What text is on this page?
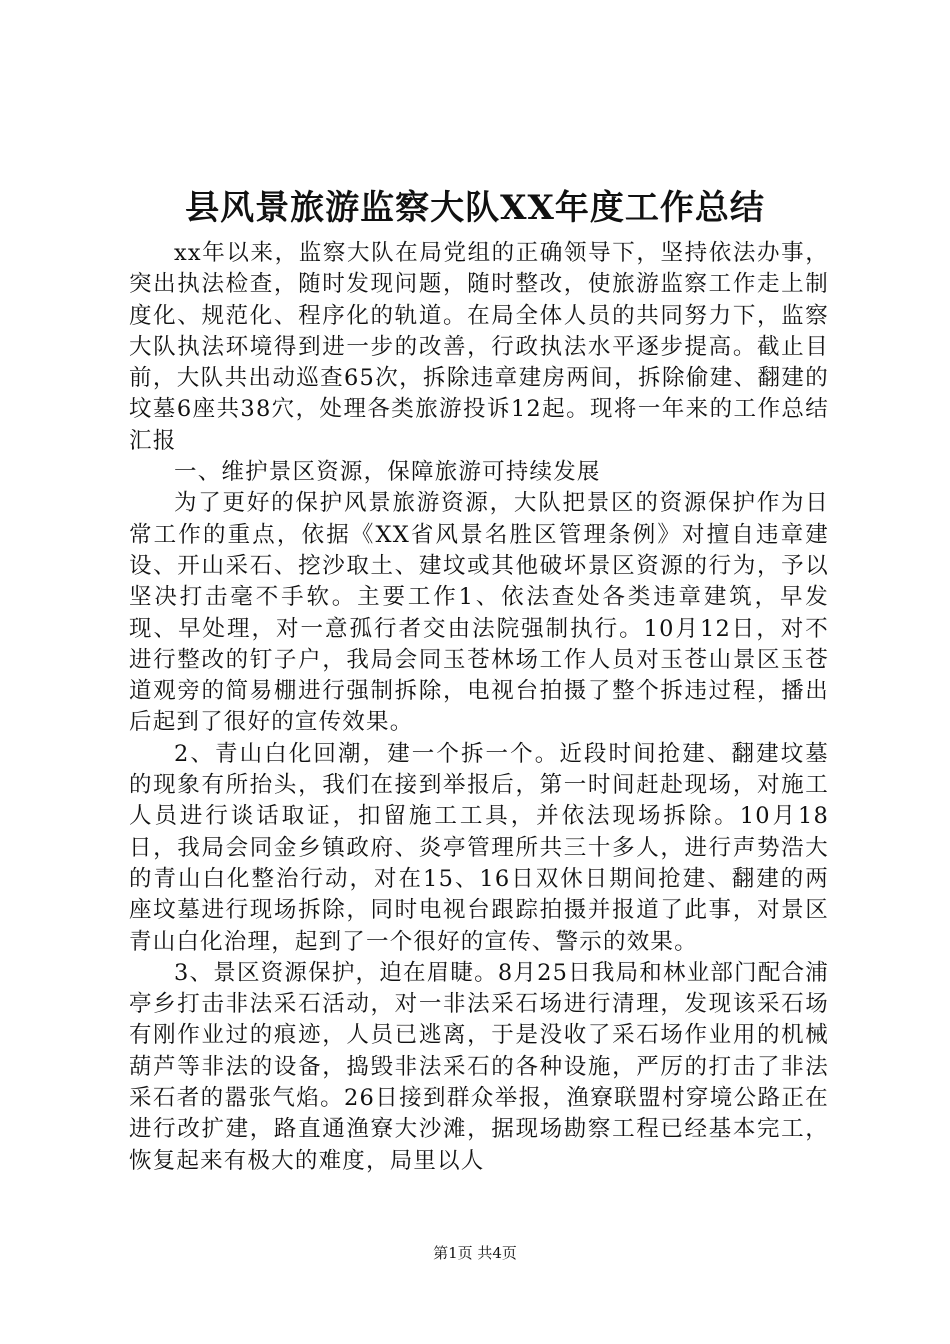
县风景旅游监察大队XX年度工作总结

xx年以来，监察大队在局党组的正确领导下，坚持依法办事，突出执法检查，随时发现问题，随时整改，使旅游监察工作走上制度化、规范化、程序化的轨道。在局全体人员的共同努力下，监察大队执法环境得到进一步的改善，行政执法水平逐步提高。截止目前，大队共出动巡查65次，拆除违章建房两间，拆除偷建、翻建的坟墓6座共38穴，处理各类旅游投诉12起。现将一年来的工作总结汇报

一、维护景区资源，保障旅游可持续发展

为了更好的保护风景旅游资源，大队把景区的资源保护作为日常工作的重点，依据《XX省风景名胜区管理条例》对擅自违章建设、开山采石、挖沙取土、建坟或其他破坏景区资源的行为，予以坚决打击毫不手软。主要工作1、依法查处各类违章建筑，早发现、早处理，对一意孤行者交由法院强制执行。10月12日，对不进行整改的钉子户，我局会同玉苍林场工作人员对玉苍山景区玉苍道观旁的简易棚进行强制拆除，电视台拍摄了整个拆违过程，播出后起到了很好的宣传效果。

2、青山白化回潮，建一个拆一个。近段时间抢建、翻建坟墓的现象有所抬头，我们在接到举报后，第一时间赶赴现场，对施工人员进行谈话取证，扣留施工工具，并依法现场拆除。10月18日，我局会同金乡镇政府、炎亭管理所共三十多人，进行声势浩大的青山白化整治行动，对在15、16日双休日期间抢建、翻建的两座坟墓进行现场拆除，同时电视台跟踪拍摄并报道了此事，对景区青山白化治理，起到了一个很好的宣传、警示的效果。

3、景区资源保护，迫在眉睫。8月25日我局和林业部门配合浦亭乡打击非法采石活动，对一非法采石场进行清理，发现该采石场有刚作业过的痕迹，人员已逃离，于是没收了采石场作业用的机械葫芦等非法的设备，捣毁非法采石的各种设施，严厉的打击了非法采石者的嚣张气焰。26日接到群众举报，渔寮联盟村穿境公路正在进行改扩建，路直通渔寮大沙滩，据现场勘察工程已经基本完工，恢复起来有极大的难度，局里以人

第1页 共4页
